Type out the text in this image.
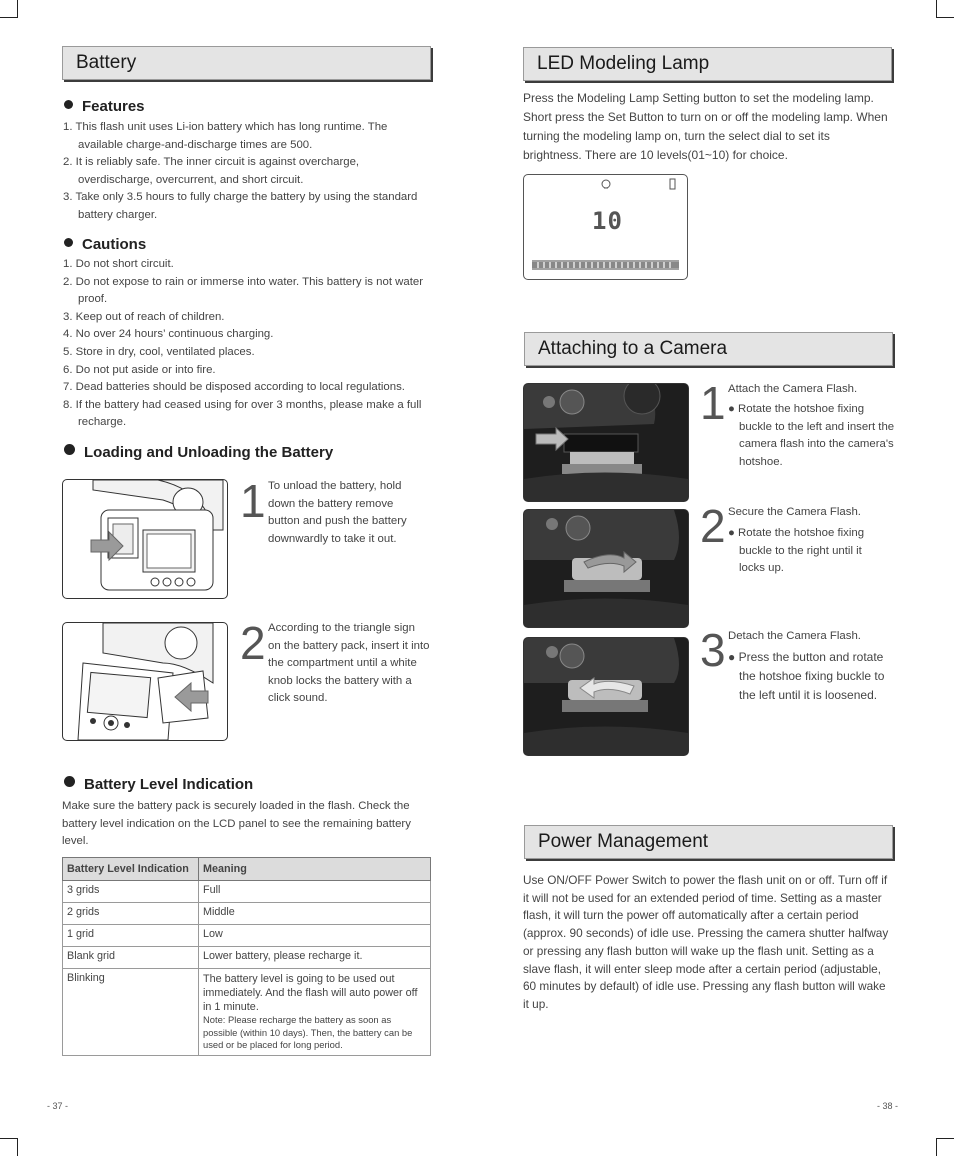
Battery
Features
1. This flash unit uses Li-ion battery which has long runtime. The available charge-and-discharge times are 500.
2. It is reliably safe. The inner circuit is against overcharge, overdischarge, overcurrent, and short circuit.
3. Take only 3.5 hours to fully charge the battery by using the standard battery charger.
Cautions
1. Do not short circuit.
2. Do not expose to rain or immerse into water. This battery is not water proof.
3. Keep out of reach of children.
4. No over 24 hours’ continuous charging.
5. Store in dry, cool, ventilated places.
6. Do not put aside or into fire.
7. Dead batteries should be disposed according to local regulations.
8. If the battery had ceased using for over 3 months, please make a full recharge.
Loading and Unloading the Battery
1 To unload the battery, hold down the battery remove button and push the battery downwardly to take it out.
2 According to the triangle sign on the battery pack, insert it into the compartment until a white knob locks the battery with a click sound.
Battery Level Indication
Make sure the battery pack is securely loaded in the flash. Check the battery level indication on the LCD panel to see the remaining battery level.
Battery Level Indication	Meaning
3 grids	Full
2 grids	Middle
1 grid	Low
Blank grid	Lower battery, please recharge it.
Blinking	The battery level is going to be used out immediately. And the flash will auto power off in 1 minute.
Note: Please recharge the battery as soon as possible (within 10 days). Then, the battery can be used or be placed for long period.
- 37 -
LED Modeling Lamp
Press the Modeling Lamp Setting button to set the modeling lamp. Short press the Set Button to turn on or off the modeling lamp. When turning the modeling lamp on, turn the select dial to set its brightness. There are 10 levels(01~10) for choice.
10
Attaching to a Camera
1 Attach the Camera Flash.
● Rotate the hotshoe fixing buckle to the left and insert the camera flash into the camera's hotshoe.
2 Secure the Camera Flash.
● Rotate the hotshoe fixing buckle to the right until it locks up.
3 Detach the Camera Flash.
● Press the button and rotate the hotshoe fixing buckle to the left until it is loosened.
Power Management
Use ON/OFF Power Switch to power the flash unit on or off. Turn off if it will not be used for an extended period of time. Setting as a master flash, it will turn the power off automatically after a certain period (approx. 90 seconds) of idle use. Pressing the camera shutter halfway or pressing any flash button will wake up the flash unit. Setting as a slave flash, it will enter sleep mode after a certain period (adjustable, 60 minutes by default) of idle use. Pressing any flash button will wake it up.
- 38 -
